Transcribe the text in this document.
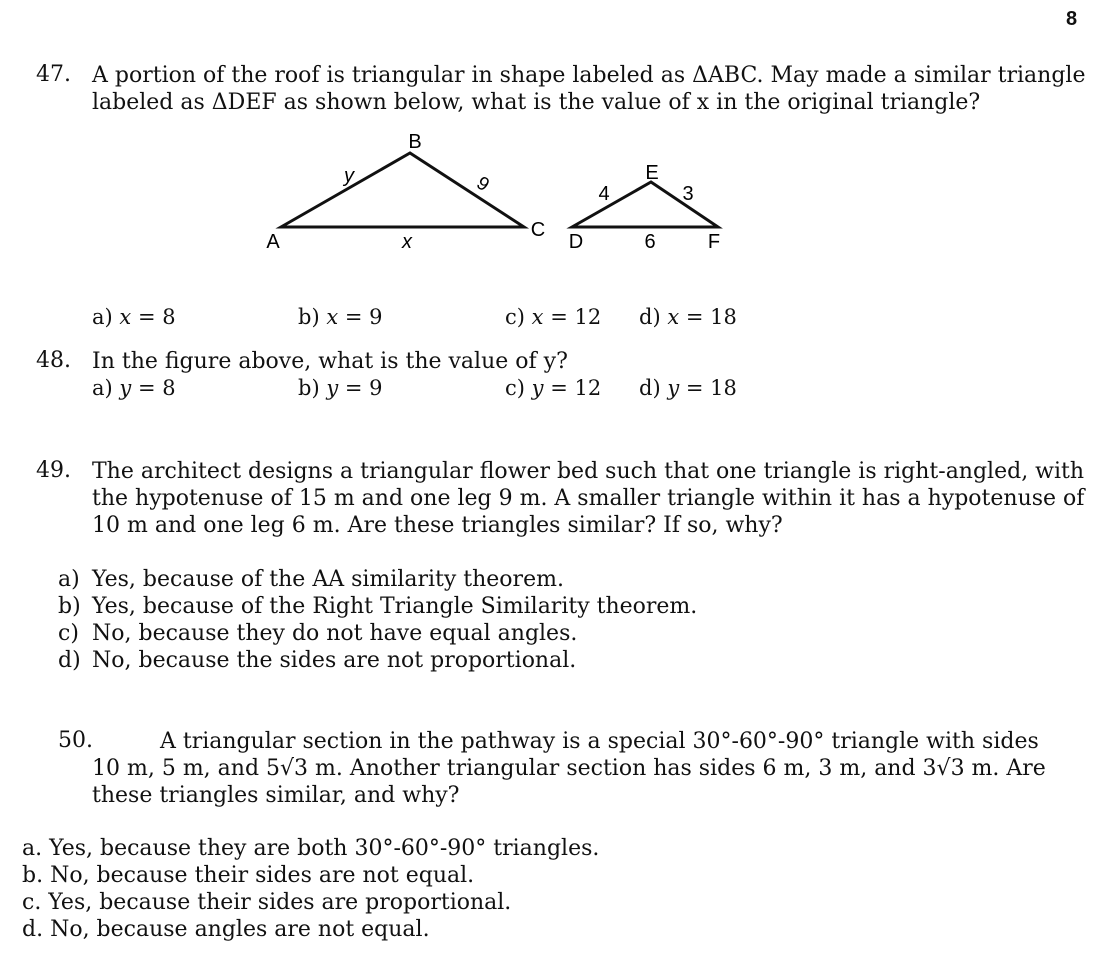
8
47. A portion of the roof is triangular in shape labeled as ΔABC. May made a similar triangle
labeled as ΔDEF as shown below, what is the value of x in the original triangle?
B
A
C
y	9
x
E
D	F
4	3
6
a) x = 8	b) x = 9	c) x = 12 d) x = 18
48. In the figure above, what is the value of y?
a) y = 8	b) y = 9	c) y = 12 d) y = 18
49. The architect designs a triangular flower bed such that one triangle is right-angled, with
the hypotenuse of 15 m and one leg 9 m. A smaller triangle within it has a hypotenuse of
10 m and one leg 6 m. Are these triangles similar? If so, why?
a) Yes, because of the AA similarity theorem.
b) Yes, because of the Right Triangle Similarity theorem.
c) No, because they do not have equal angles.
d) No, because the sides are not proportional.
50.	A triangular section in the pathway is a special 30°-60°-90° triangle with sides
10 m, 5 m, and 5√3 m. Another triangular section has sides 6 m, 3 m, and 3√3 m. Are
these triangles similar, and why?
a. Yes, because they are both 30°-60°-90° triangles.
b. No, because their sides are not equal.
c. Yes, because their sides are proportional.
d. No, because angles are not equal.
